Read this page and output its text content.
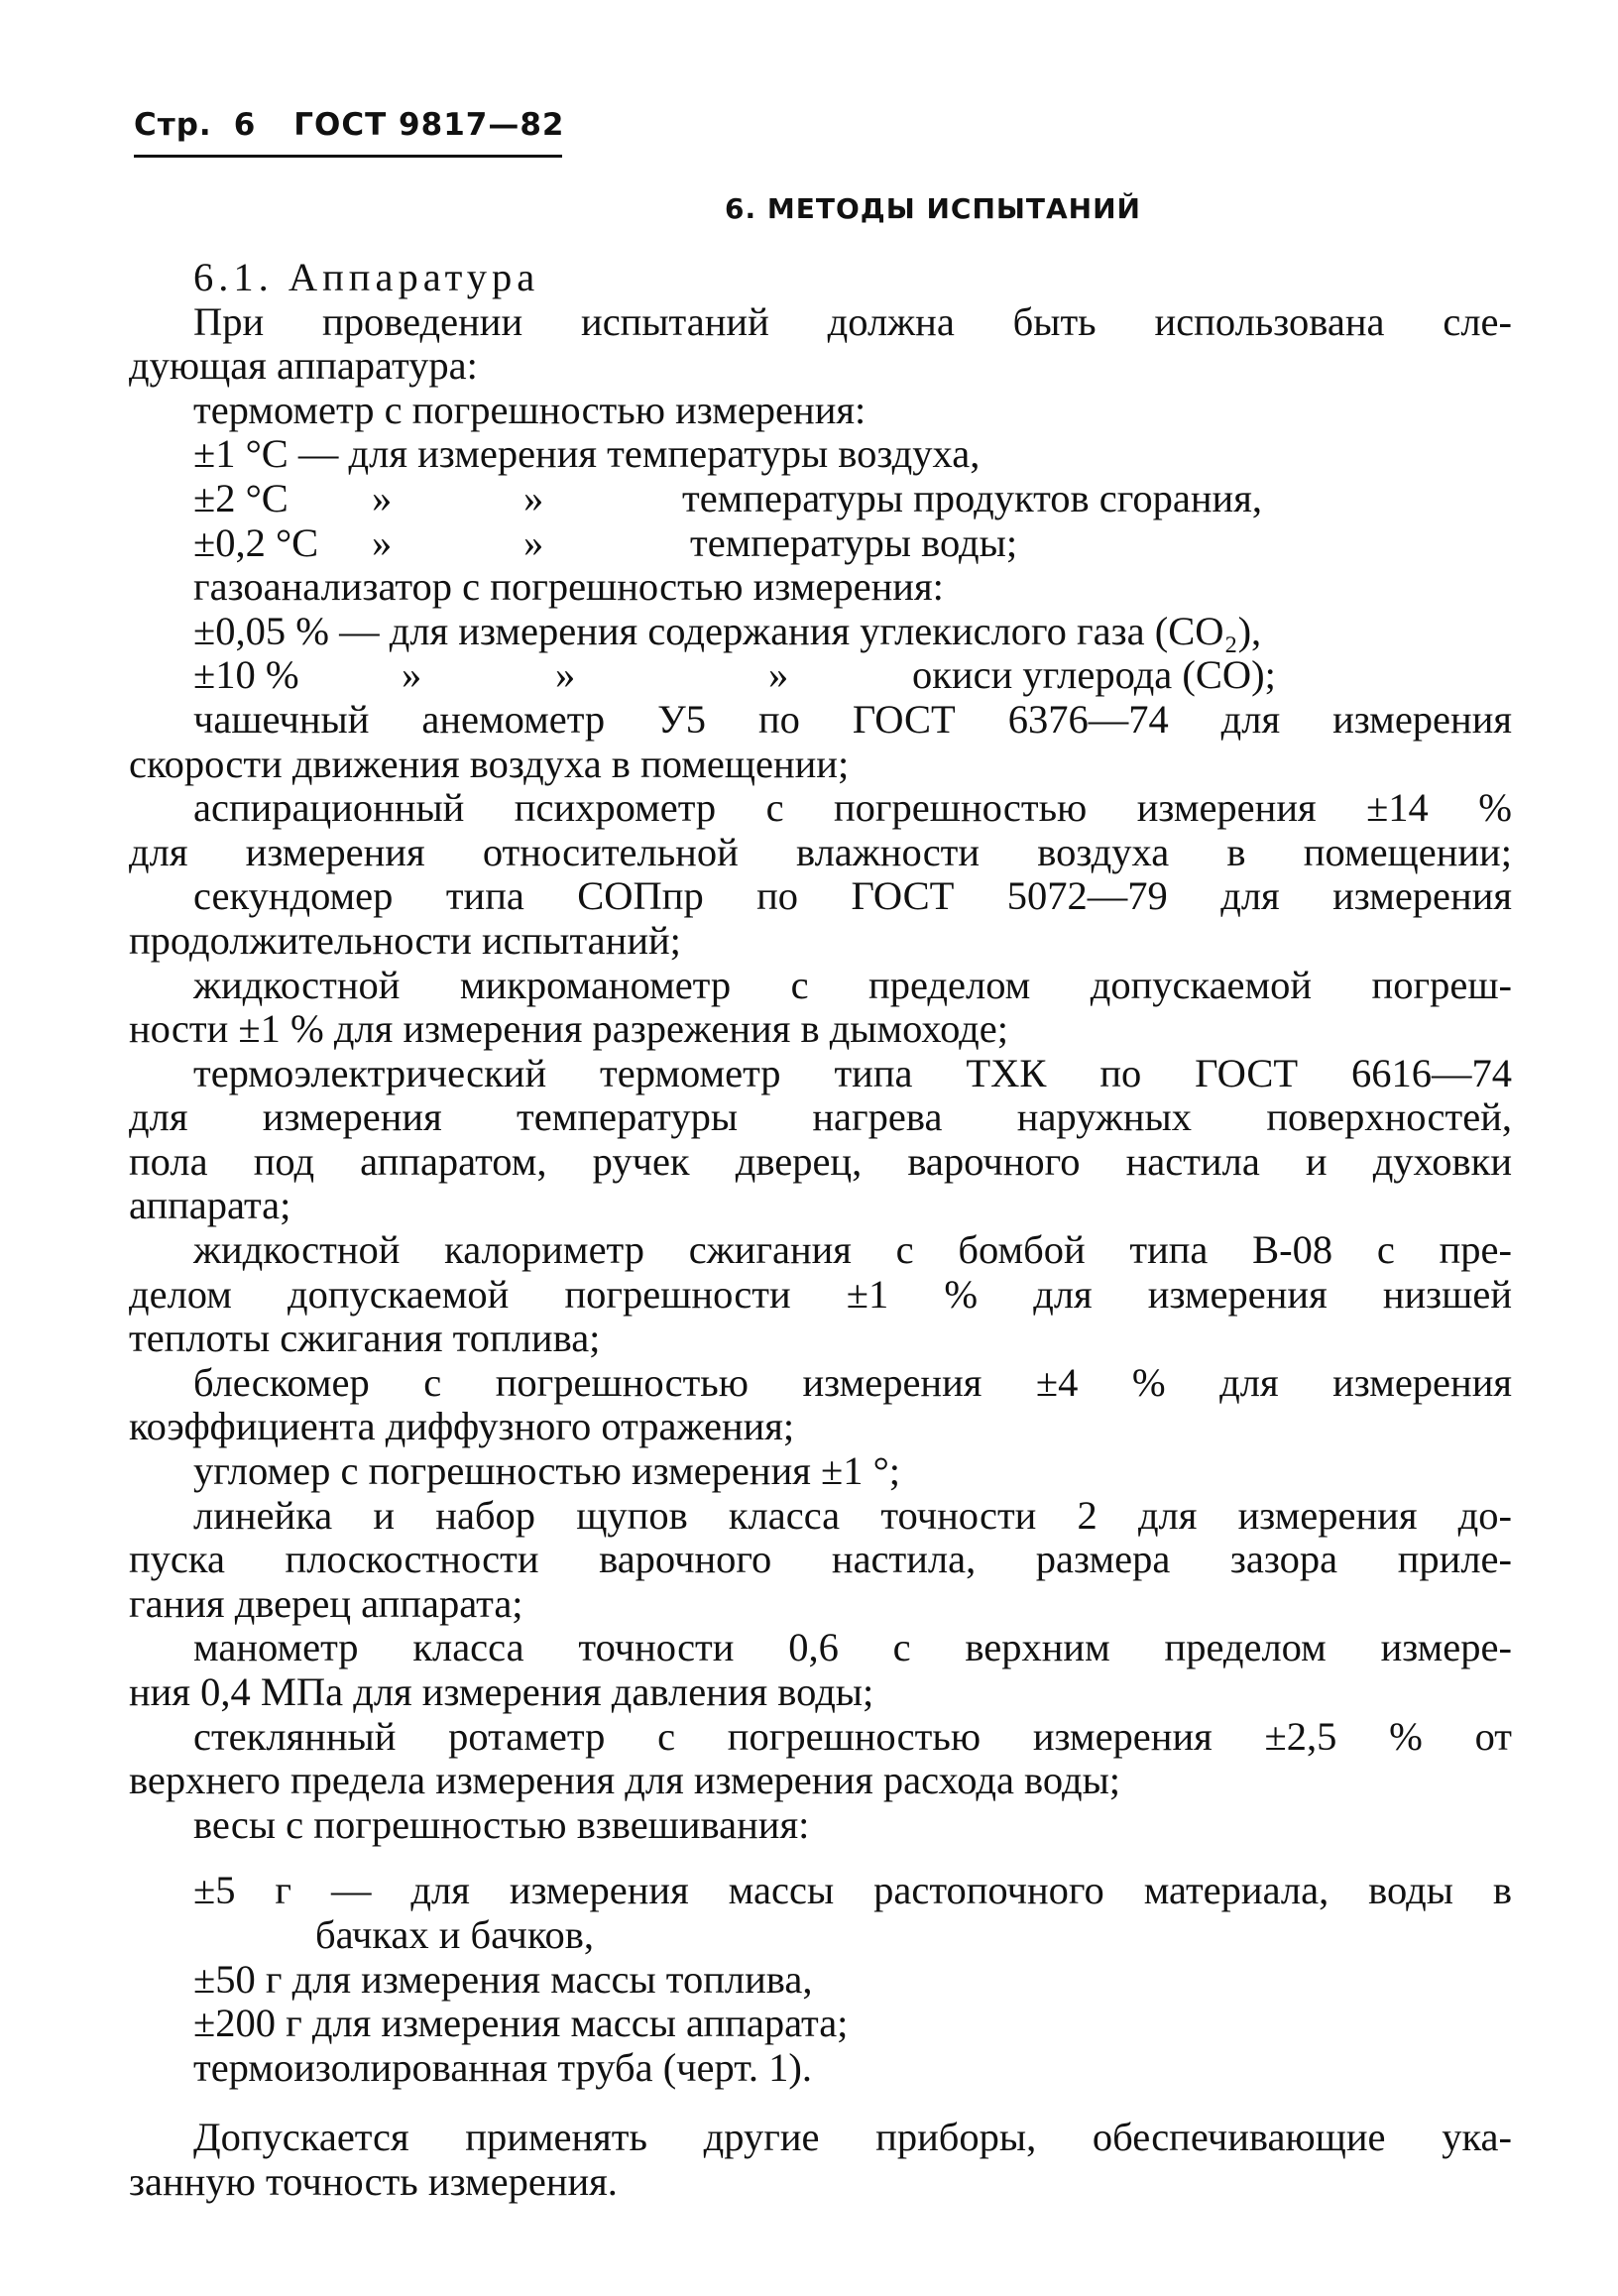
Стр. 6 ГОСТ 9817—82
6. МЕТОДЫ ИСПЫТАНИЙ
6.1. Аппаратура
При проведении испытаний должна быть использована сле-
дующая аппаратура:
термометр с погрешностью измерения:
±1 °С — для измерения температуры воздуха,
±2 °С »	»	температуры продуктов сгорания,
±0,2 °С »	»	температуры воды;
газоанализатор с погрешностью измерения:
±0,05 % — для измерения содержания углекислого газа (СО₂),
±10 %	»	»	»	окиси углерода (СО);
чашечный анемометр У5 по ГОСТ 6376—74 для измерения
скорости движения воздуха в помещении;
аспирационный психрометр с погрешностью измерения ±14 %
для измерения относительной влажности воздуха в помещении;
секундомер типа СОПпр по ГОСТ 5072—79 для измерения
продолжительности испытаний;
жидкостной микроманометр с пределом допускаемой погреш-
ности ±1 % для измерения разрежения в дымоходе;
термоэлектрический термометр типа ТХК по ГОСТ 6616—74
для измерения температуры нагрева наружных поверхностей,
пола под аппаратом, ручек дверец, варочного настила и духовки
аппарата;
жидкостной калориметр сжигания с бомбой типа В-08 с пре-
делом допускаемой погрешности ±1 % для измерения низшей
теплоты сжигания топлива;
блескомер с погрешностью измерения ±4 % для измерения
коэффициента диффузного отражения;
угломер с погрешностью измерения ±1 °;
линейка и набор щупов класса точности 2 для измерения до-
пуска плоскостности варочного настила, размера зазора приле-
гания дверец аппарата;
манометр класса точности 0,6 с верхним пределом измере-
ния 0,4 МПа для измерения давления воды;
стеклянный ротаметр с погрешностью измерения ±2,5 % от
верхнего предела измерения для измерения расхода воды;
весы с погрешностью взвешивания:
±5 г — для измерения массы растопочного материала, воды в
бачках и бачков,
±50 г для измерения массы топлива,
±200 г для измерения массы аппарата;
термоизолированная труба (черт. 1).
Допускается применять другие приборы, обеспечивающие ука-
занную точность измерения.
